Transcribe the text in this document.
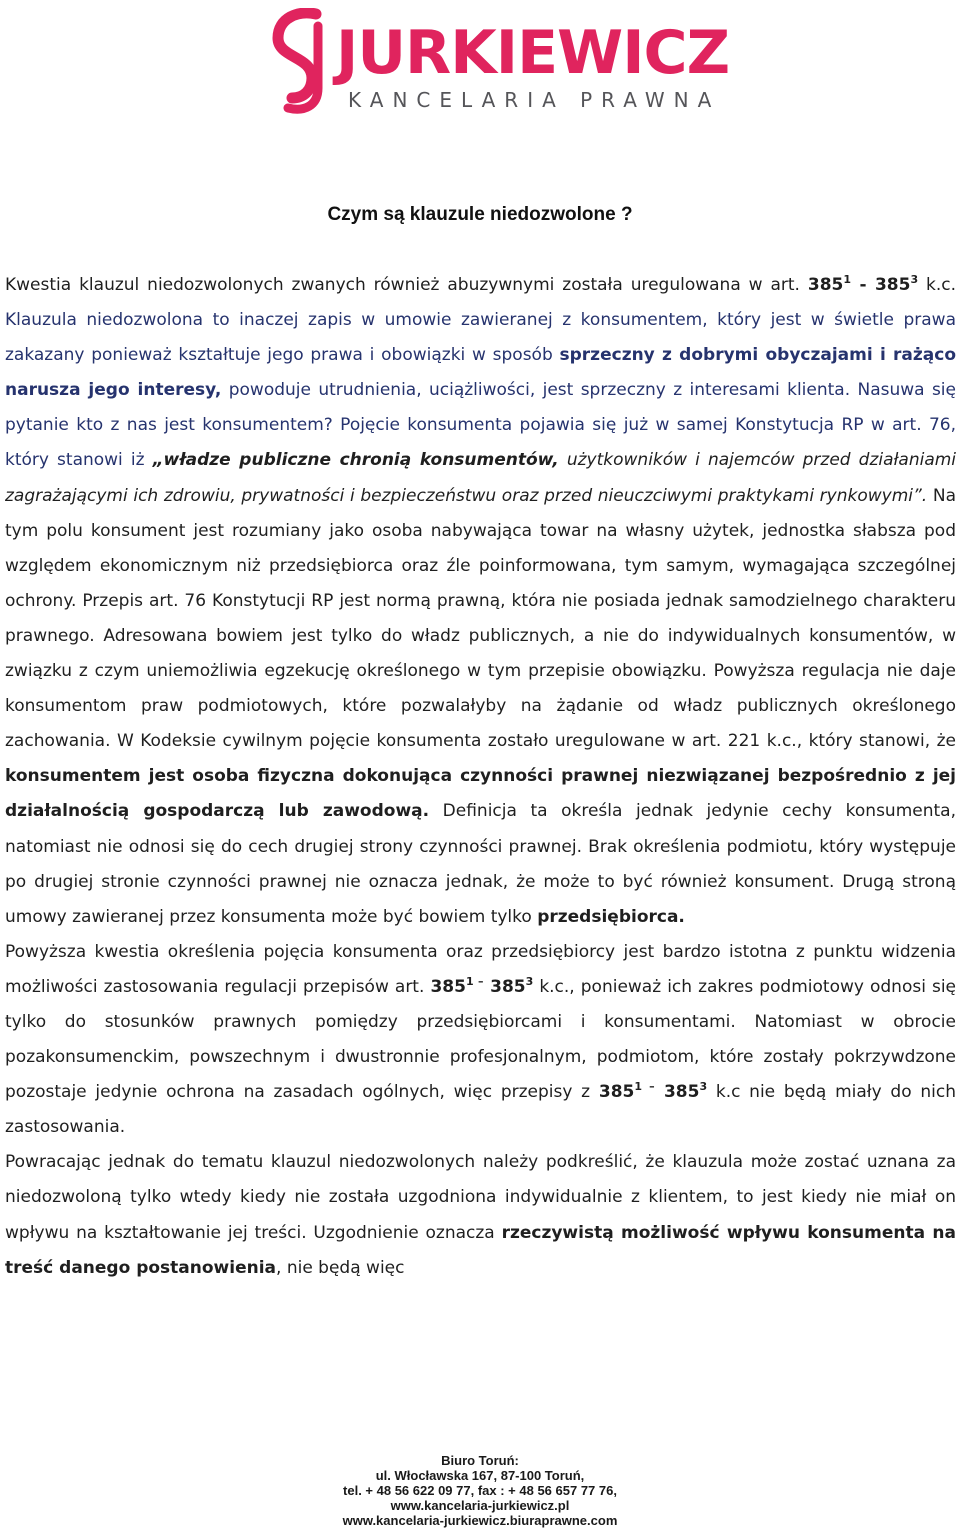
JURKIEWICZ
KANCELARIA PRAWNA
Czym są klauzule niedozwolone ?

Kwestia klauzul niedozwolonych zwanych również abuzywnymi została uregulowana w art. $385^1 - 385^3$ k.c. Klauzula niedozwolona to inaczej zapis w umowie zawieranej z konsumentem, który jest w świetle prawa zakazany ponieważ kształtuje jego prawa i obowiązki w sposób sprzeczny z dobrymi obyczajami i rażąco narusza jego interesy, powoduje utrudnienia, uciążliwości, jest sprzeczny z interesami klienta. Nasuwa się pytanie kto z nas jest konsumentem? Pojęcie konsumenta pojawia się już w samej Konstytucja RP w art. 76, który stanowi iż „władze publiczne chronią konsumentów, użytkowników i najemców przed działaniami zagrażającymi ich zdrowiu, prywatności i bezpieczeństwu oraz przed nieuczciwymi praktykami rynkowymi”. Na tym polu konsument jest rozumiany jako osoba nabywająca towar na własny użytek, jednostka słabsza pod względem ekonomicznym niż przedsiębiorca oraz źle poinformowana, tym samym, wymagająca szczególnej ochrony. Przepis art. 76 Konstytucji RP jest normą prawną, która nie posiada jednak samodzielnego charakteru prawnego. Adresowana bowiem jest tylko do władz publicznych, a nie do indywidualnych konsumentów, w związku z czym uniemożliwia egzekucję określonego w tym przepisie obowiązku. Powyższa regulacja nie daje konsumentom praw podmiotowych, które pozwalałyby na żądanie od władz publicznych określonego zachowania. W Kodeksie cywilnym pojęcie konsumenta zostało uregulowane w art. 221 k.c., który stanowi, że konsumentem jest osoba fizyczna dokonująca czynności prawnej niezwiązanej bezpośrednio z jej działalnością gospodarczą lub zawodową. Definicja ta określa jednak jedynie cechy konsumenta, natomiast nie odnosi się do cech drugiej strony czynności prawnej. Brak określenia podmiotu, który występuje po drugiej stronie czynności prawnej nie oznacza jednak, że może to być również konsument. Drugą stroną umowy zawieranej przez konsumenta może być bowiem tylko przedsiębiorca.

Powyższa kwestia określenia pojęcia konsumenta oraz przedsiębiorcy jest bardzo istotna z punktu widzenia możliwości zastosowania regulacji przepisów art. $385^{1 -}$ $385^3$ k.c., ponieważ ich zakres podmiotowy odnosi się tylko do stosunków prawnych pomiędzy przedsiębiorcami i konsumentami. Natomiast w obrocie pozakonsumenckim, powszechnym i dwustronnie profesjonalnym, podmiotom, które zostały pokrzywdzone pozostaje jedynie ochrona na zasadach ogólnych, więc przepisy z $385^{1 -}$ $385^3$ k.c nie będą miały do nich zastosowania.

Powracając jednak do tematu klauzul niedozwolonych należy podkreślić, że klauzula może zostać uznana za niedozwoloną tylko wtedy kiedy nie została uzgodniona indywidualnie z klientem, to jest kiedy nie miał on wpływu na kształtowanie jej treści. Uzgodnienie oznacza rzeczywistą możliwość wpływu konsumenta na treść danego postanowienia, nie będą więc

Biuro Toruń:
ul. Włocławska 167, 87-100 Toruń,
tel. + 48 56 622 09 77, fax : + 48 56 657 77 76,
www.kancelaria-jurkiewicz.pl
www.kancelaria-jurkiewicz.biuraprawne.com
